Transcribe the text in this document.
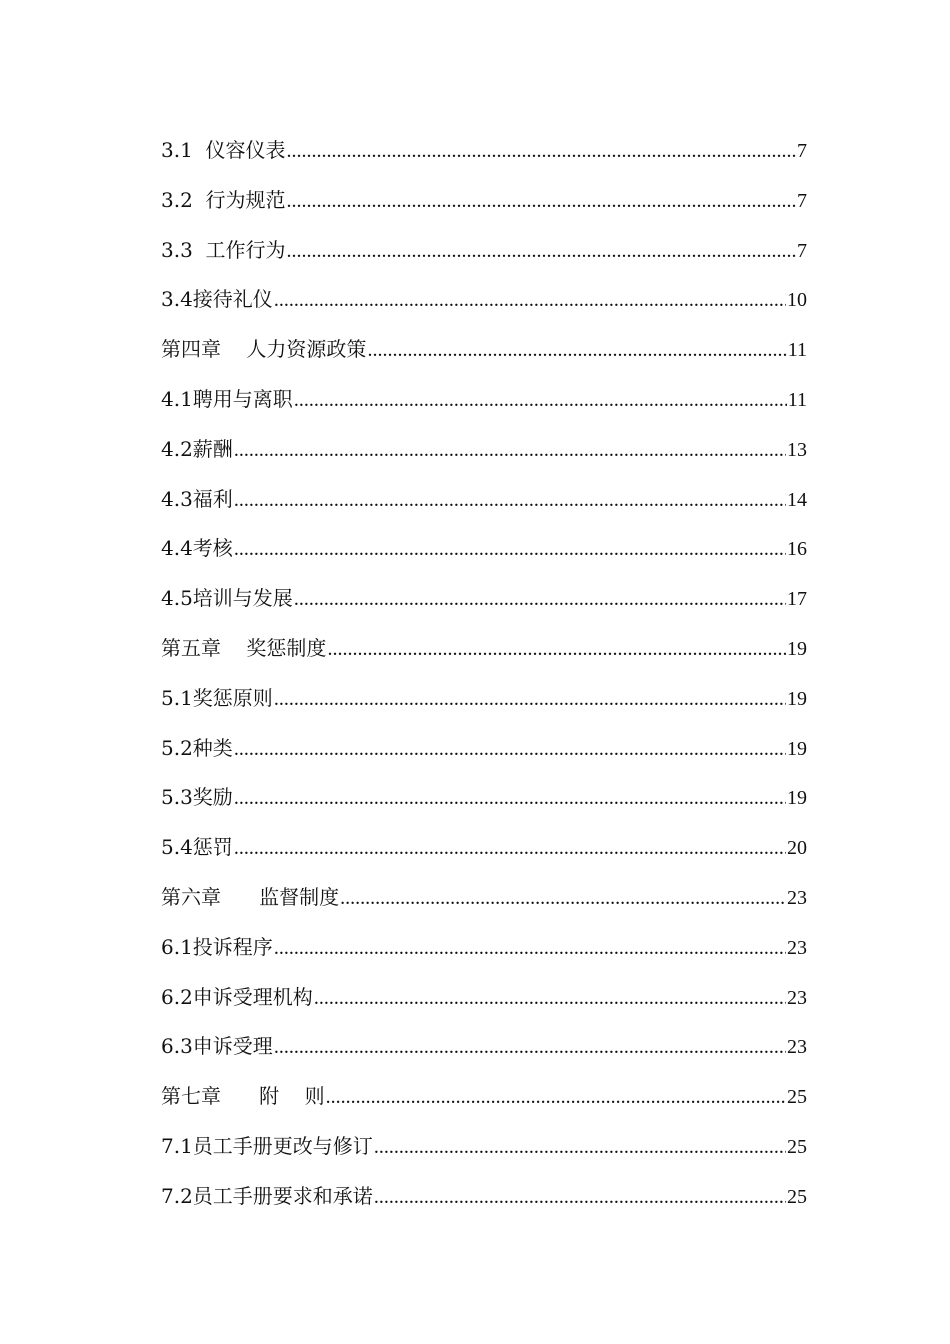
3.1  仪容仪表 .....	7
3.2  行为规范 .....	7
3.3  工作行为 .....	7
3.4接待礼仪 .....	10
第四章    人力资源政策 .....	11
4.1聘用与离职 .....	11
4.2薪酬 .....	13
4.3福利 .....	14
4.4考核 .....	16
4.5培训与发展 .....	17
第五章    奖惩制度 .....	19
5.1奖惩原则 .....	19
5.2种类 .....	19
5.3奖励 .....	19
5.4惩罚 .....	20
第六章      监督制度 .....	23
6.1投诉程序 .....	23
6.2申诉受理机构 .....	23
6.3申诉受理 .....	23
第七章      附    则 .....	25
7.1员工手册更改与修订 .....	25
7.2员工手册要求和承诺 .....	25
